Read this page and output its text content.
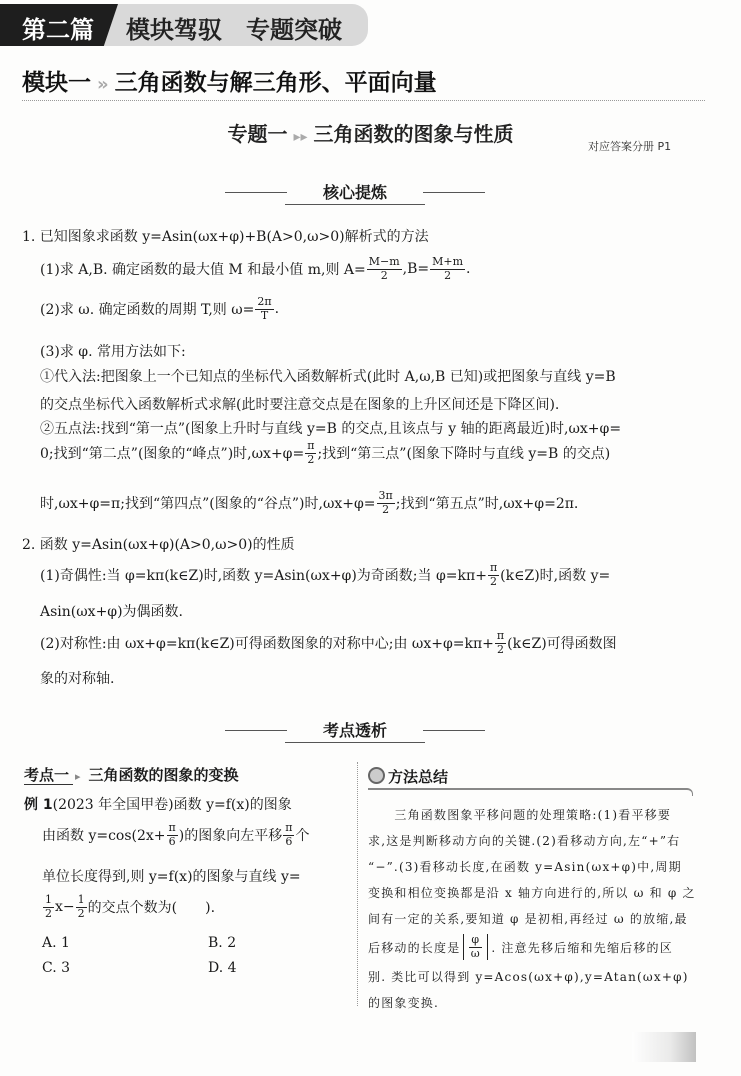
第二篇 模块驾驭　专题突破
模块一 » 三角函数与解三角形、平面向量
专题一 ▸▸ 三角函数的图象与性质
对应答案分册 P1
核心提炼
1. 已知图象求函数 y=Asin(ωx+φ)+B(A>0,ω>0)解析式的方法
(1)求 A,B. 确定函数的最大值 M 和最小值 m,则 $A= \frac{M-m}{2} ,B= \frac{M+m}{2}$ .
(2)求 ω. 确定函数的周期 T,则 $\omega= \frac{2\pi}{T}$ .
(3)求 φ. 常用方法如下:
①代入法:把图象上一个已知点的坐标代入函数解析式(此时 A,ω,B 已知)或把图象与直线 y=B
的交点坐标代入函数解析式求解(此时要注意交点是在图象的上升区间还是下降区间).
②五点法:找到“第一点”(图象上升时与直线 y=B 的交点,且该点与 y 轴的距离最近)时,ωx+φ=
0;找到“第二点”(图象的“峰点”)时$,\omega x+\varphi= \frac{\pi}{2}$ ;找到“第三点”(图象下降时与直线 y=B 的交点)
时,ωx+φ=π;找到“第四点”(图象的“谷点”)时$,\omega x+\varphi= \frac{3\pi}{2}$ ;找到“第五点”时,ωx+φ=2π.
2. 函数 y=Asin(ωx+φ)(A>0,ω>0)的性质
(1)奇偶性:当 φ=kπ(k∈Z)时,函数 y=Asin(ωx+φ)为奇函数;当 $\varphi=k\pi+ \frac{\pi}{2}$ (k∈Z)时,函数 y=
Asin(ωx+φ)为偶函数.
(2)对称性:由 ωx+φ=kπ(k∈Z)可得函数图象的对称中心;由 $\omega x+\varphi=k\pi+ \frac{\pi}{2}$ (k∈Z)可得函数图
象的对称轴.
考点透析
考点一 ▸ 三角函数的图象的变换
例 1 (2023 年全国甲卷)函数 y=f(x)的图象
由函数 $y=\cos(2x+ \frac{\pi}{6}$ )的图象向左平移 $\frac{\pi}{6}$ 个
单位长度得到,则 y=f(x)的图象与直线 y=
$\frac{1}{2} x- \frac{1}{2}$ 的交点个数为(　　).
A. 1	B. 2
C. 3	D. 4
方法总结
　　三角函数图象平移问题的处理策略:(1)看平移要
求,这是判断移动方向的关键.(2)看移动方向,左“+”右
“−”.(3)看移动长度,在函数 y=Asin(ωx+φ)中,周期
变换和相位变换都是沿 x 轴方向进行的,所以 ω 和 φ 之
间有一定的关系,要知道 φ 是初相,再经过 ω 的放缩,最
后移动的长度是 $\frac{\varphi}{\omega}$ . 注意先移后缩和先缩后移的区
别. 类比可以得到 y=Acos(ωx+φ),y=Atan(ωx+φ)
的图象变换.
